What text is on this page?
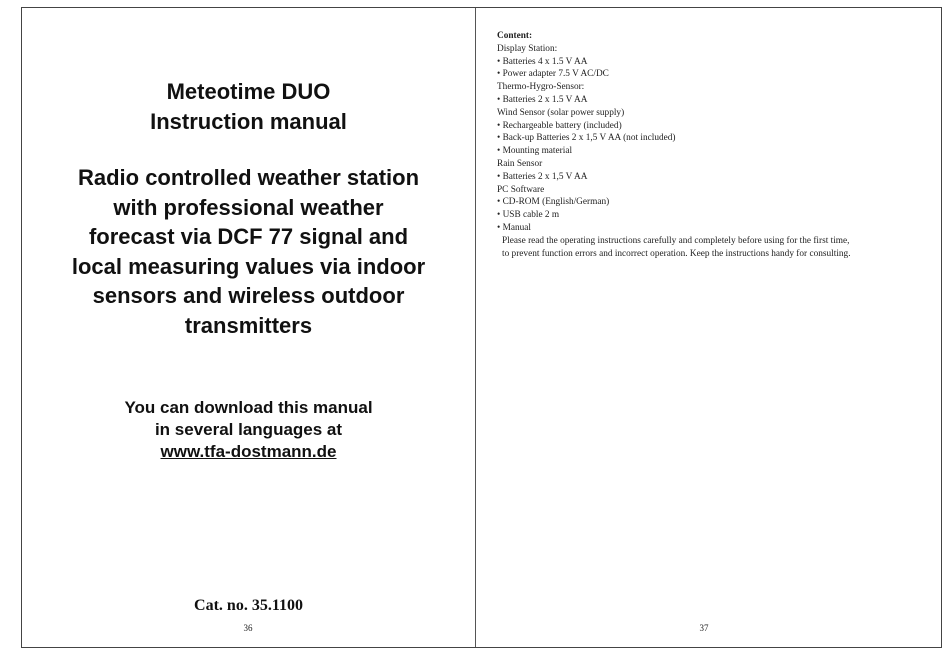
Meteotime DUO
Instruction manual
Radio controlled weather station
with professional weather
forecast via DCF 77 signal and
local measuring values via indoor
sensors and wireless outdoor
transmitters
You can download this manual
in several languages at
www.tfa-dostmann.de
Cat. no. 35.1100
36
Content:
Display Station:
• Batteries 4 x 1.5 V AA
• Power adapter 7.5 V AC/DC
Thermo-Hygro-Sensor:
• Batteries 2 x 1.5 V AA
Wind Sensor (solar power supply)
• Rechargeable battery (included)
• Back-up Batteries 2 x 1,5 V AA (not included)
• Mounting material
Rain Sensor
• Batteries 2 x 1,5 V AA
PC Software
• CD-ROM (English/German)
• USB cable 2 m
• Manual
Please read the operating instructions carefully and completely before using for the first time,
to prevent function errors and incorrect operation. Keep the instructions handy for consulting.
37
